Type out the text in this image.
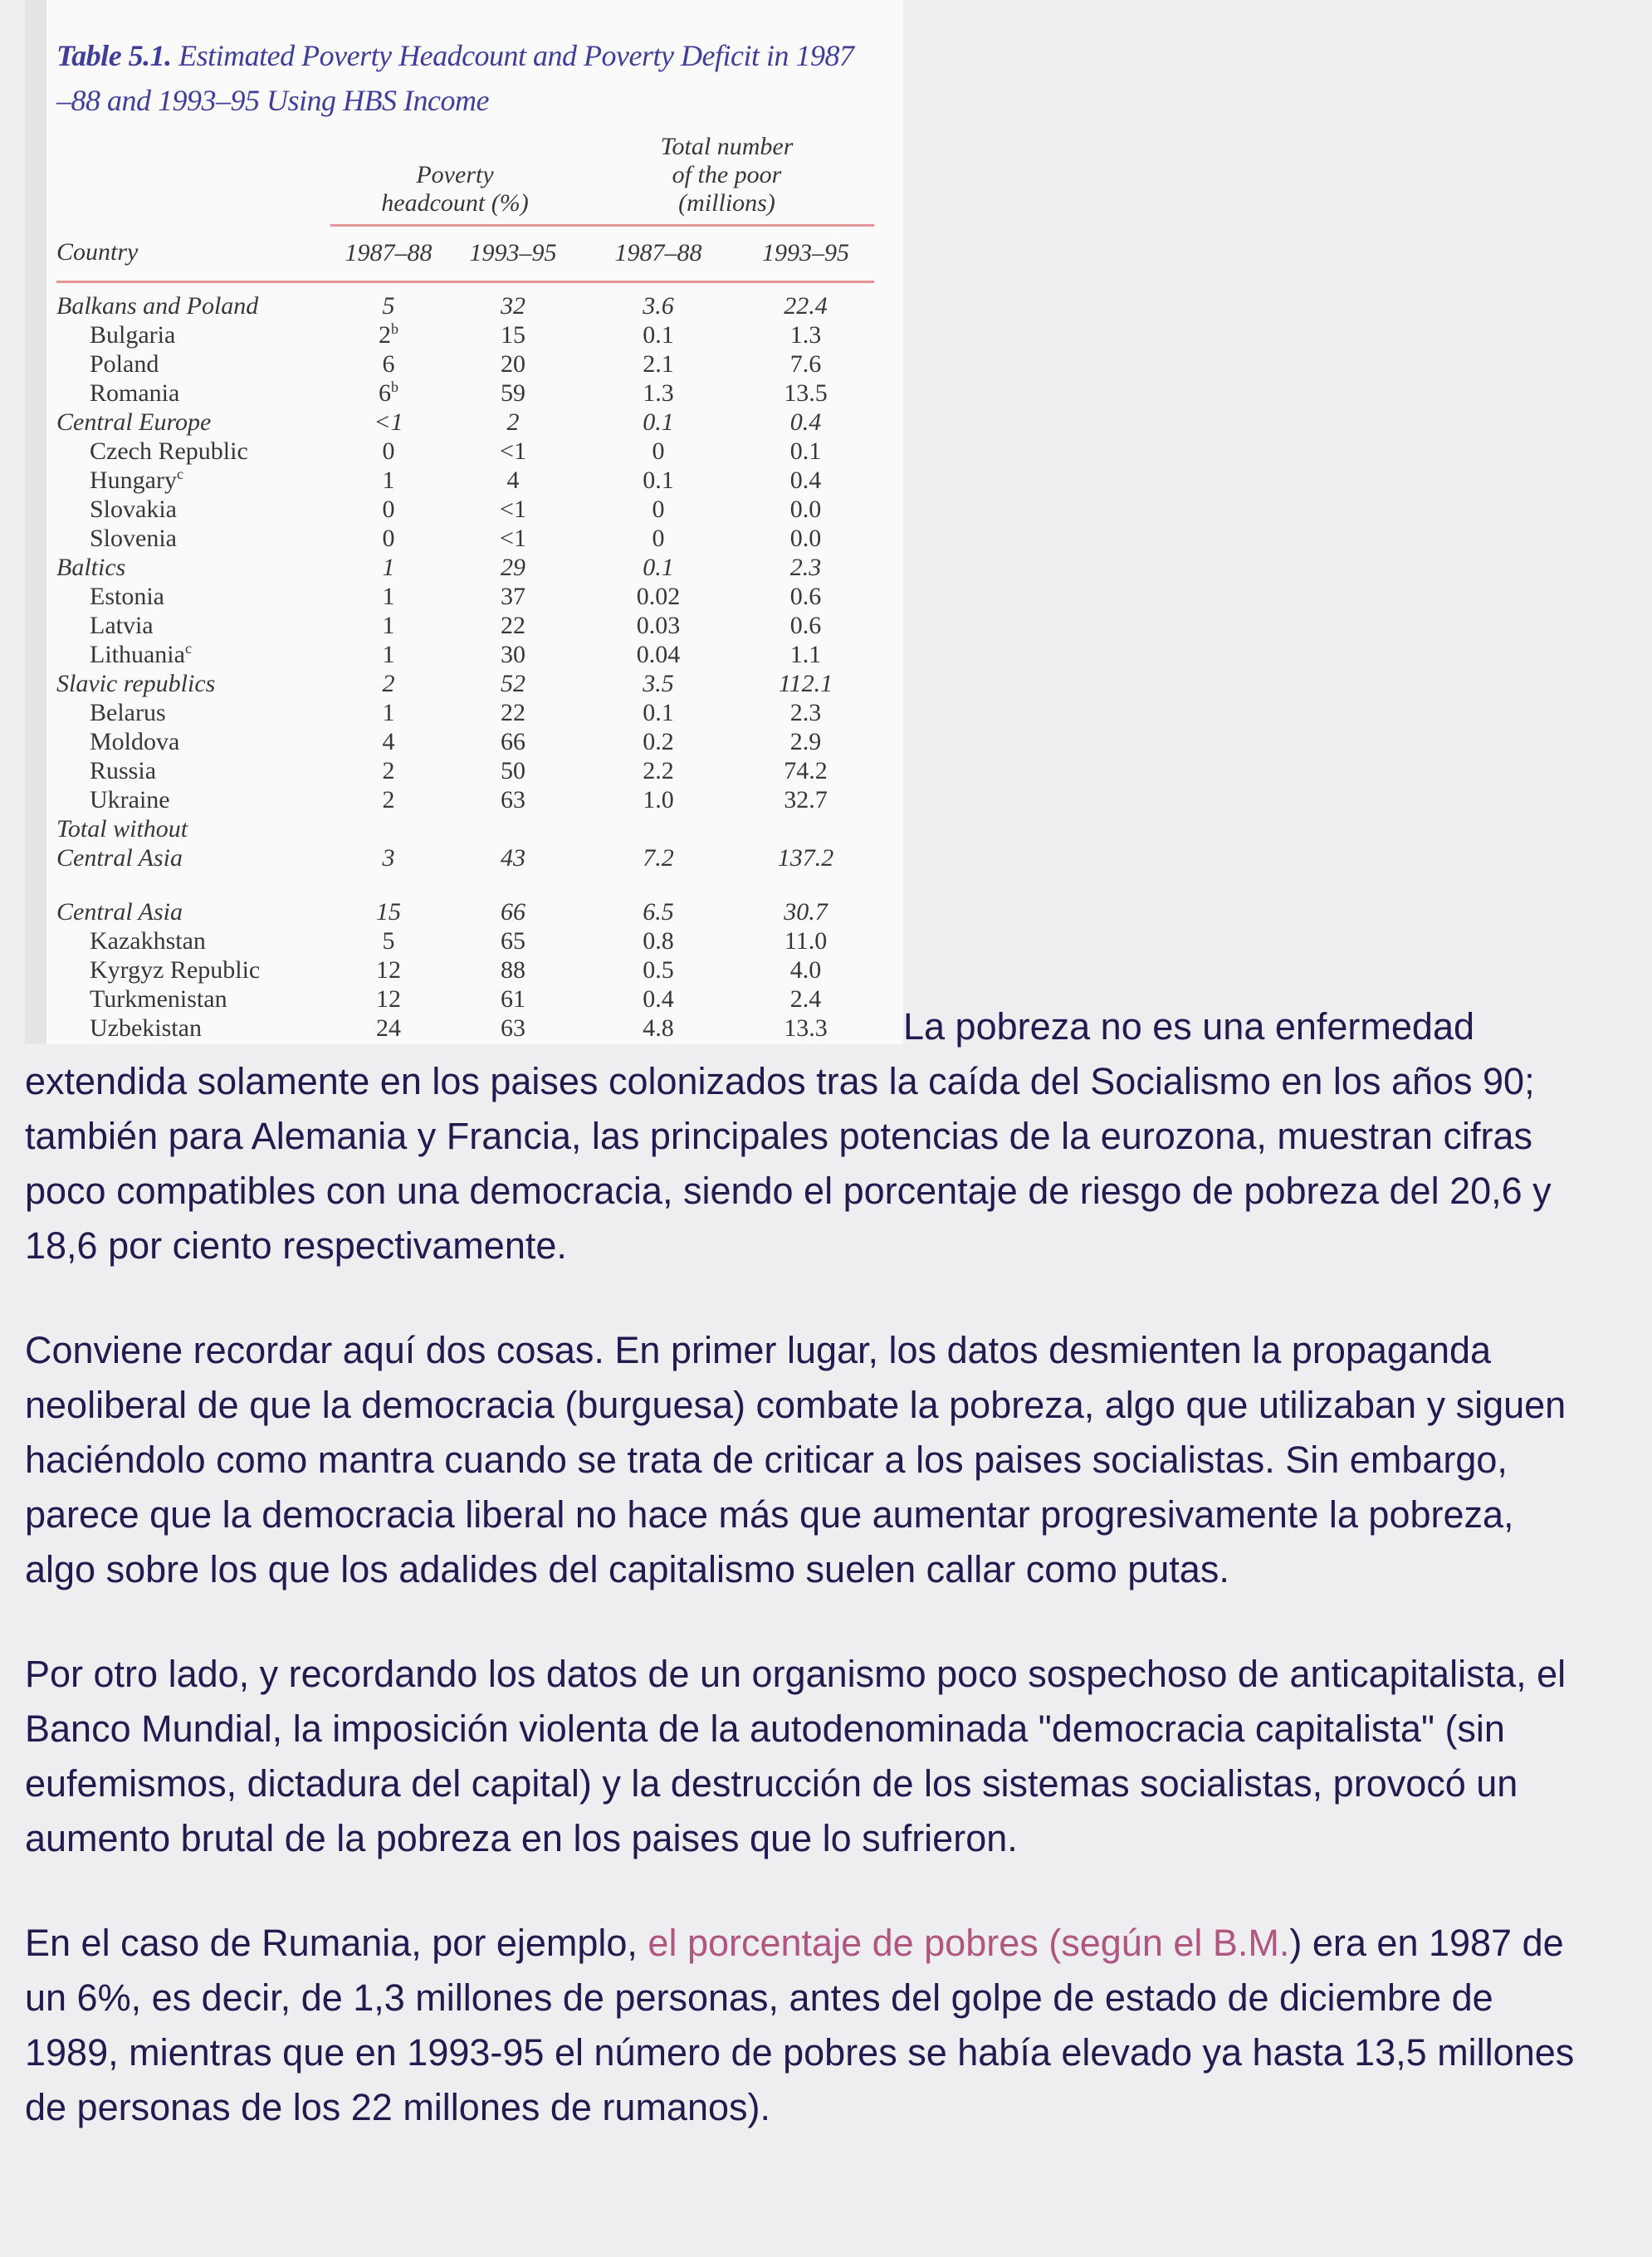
Table 5.1. Estimated Poverty Headcount and Poverty Deficit in 1987
–88 and 1993–95 Using HBS Income

Poverty
headcount (%)

Total number
of the poor
(millions)

Country	1987–88	1993–95	1987–88	1993–95
Balkans and Poland	5	32	3.6	22.4
Bulgaria	2$^b$	15	0.1	1.3
Poland	6	20	2.1	7.6
Romania	6$^b$	59	1.3	13.5
Central Europe	<1	2	0.1	0.4
Czech Republic	0	<1	0	0.1
Hungary$^c$	1	4	0.1	0.4
Slovakia	0	<1	0	0.0
Slovenia	0	<1	0	0.0
Baltics	1	29	0.1	2.3
Estonia	1	37	0.02	0.6
Latvia	1	22	0.03	0.6
Lithuania$^c$	1	30	0.04	1.1
Slavic republics	2	52	3.5	112.1
Belarus	1	22	0.1	2.3
Moldova	4	66	0.2	2.9
Russia	2	50	2.2	74.2
Ukraine	2	63	1.0	32.7
Total without				
Central Asia	3	43	7.2	137.2

Central Asia	15	66	6.5	30.7
Kazakhstan	5	65	0.8	11.0
Kyrgyz Republic	12	88	0.5	4.0
Turkmenistan	12	61	0.4	2.4
Uzbekistan	24	63	4.8	13.3 La pobreza no es una enfermedad extendida solamente en los paises colonizados tras la caída del Socialismo en los años 90; también para Alemania y Francia, las principales potencias de la eurozona, muestran cifras poco compatibles con una democracia, siendo el porcentaje de riesgo de pobreza del 20,6 y 18,6 por ciento respectivamente.
Conviene recordar aquí dos cosas. En primer lugar, los datos desmienten la propaganda neoliberal de que la democracia (burguesa) combate la pobreza, algo que utilizaban y siguen haciéndolo como mantra cuando se trata de criticar a los paises socialistas. Sin embargo, parece que la democracia liberal no hace más que aumentar progresivamente la pobreza, algo sobre los que los adalides del capitalismo suelen callar como putas.
Por otro lado, y recordando los datos de un organismo poco sospechoso de anticapitalista, el Banco Mundial, la imposición violenta de la autodenominada "democracia capitalista" (sin eufemismos, dictadura del capital) y la destrucción de los sistemas socialistas, provocó un aumento brutal de la pobreza en los paises que lo sufrieron.
En el caso de Rumania, por ejemplo, el porcentaje de pobres (según el B.M.) era en 1987 de un 6%, es decir, de 1,3 millones de personas, antes del golpe de estado de diciembre de 1989, mientras que en 1993-95 el número de pobres se había elevado ya hasta 13,5 millones de personas de los 22 millones de rumanos).
